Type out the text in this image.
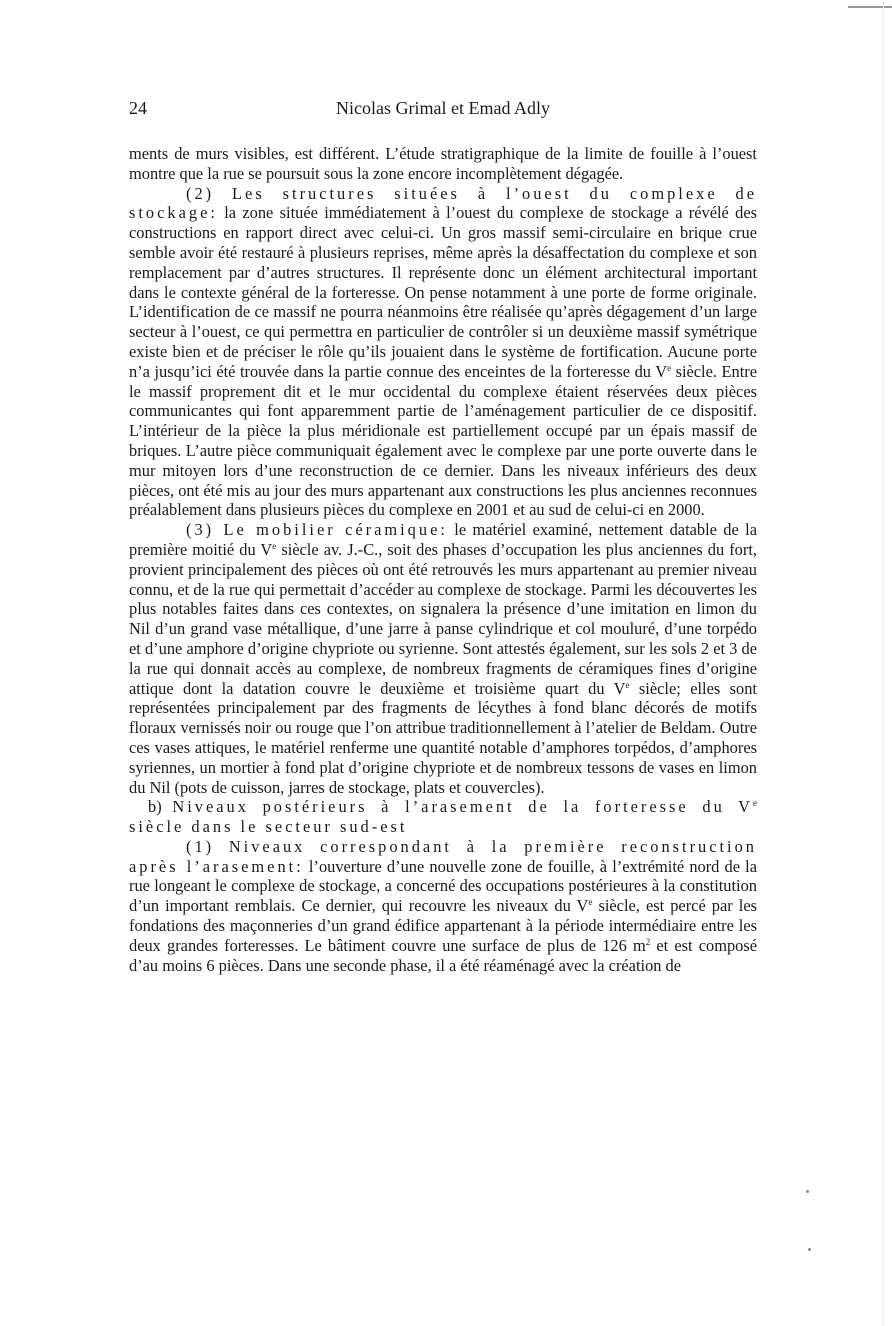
24	Nicolas Grimal et Emad Adly

ments de murs visibles, est différent. L’étude stratigraphique de la limite de fouille à l’ouest montre que la rue se poursuit sous la zone encore incomplètement dégagée.

(2) Les structures situées à l’ouest du complexe de stockage: la zone située immédiatement à l’ouest du complexe de stockage a révélé des constructions en rapport direct avec celui-ci. Un gros massif semi-circulaire en brique crue semble avoir été restauré à plusieurs reprises, même après la désaffectation du complexe et son remplacement par d’autres structures. Il représente donc un élément architectural important dans le contexte général de la forteresse. On pense notamment à une porte de forme originale. L’identification de ce massif ne pourra néanmoins être réalisée qu’après dégagement d’un large secteur à l’ouest, ce qui permettra en particulier de contrôler si un deuxième massif symétrique existe bien et de préciser le rôle qu’ils jouaient dans le système de fortification. Aucune porte n’a jusqu’ici été trouvée dans la partie connue des enceintes de la forteresse du Ve siècle. Entre le massif proprement dit et le mur occidental du complexe étaient réservées deux pièces communicantes qui font apparemment partie de l’aménagement particulier de ce dispositif. L’intérieur de la pièce la plus méridionale est partiellement occupé par un épais massif de briques. L’autre pièce communiquait également avec le complexe par une porte ouverte dans le mur mitoyen lors d’une reconstruction de ce dernier. Dans les niveaux inférieurs des deux pièces, ont été mis au jour des murs appartenant aux constructions les plus anciennes reconnues préalablement dans plusieurs pièces du complexe en 2001 et au sud de celui-ci en 2000.

(3) Le mobilier céramique: le matériel examiné, nettement datable de la première moitié du Ve siècle av. J.-C., soit des phases d’occupation les plus anciennes du fort, provient principalement des pièces où ont été retrouvés les murs appartenant au premier niveau connu, et de la rue qui permettait d’accéder au complexe de stockage. Parmi les découvertes les plus notables faites dans ces contextes, on signalera la présence d’une imitation en limon du Nil d’un grand vase métallique, d’une jarre à panse cylindrique et col mouluré, d’une torpédo et d’une amphore d’origine chypriote ou syrienne. Sont attestés également, sur les sols 2 et 3 de la rue qui donnait accès au complexe, de nombreux fragments de céramiques fines d’origine attique dont la datation couvre le deuxième et troisième quart du Ve siècle; elles sont représentées principalement par des fragments de lécythes à fond blanc décorés de motifs floraux vernissés noir ou rouge que l’on attribue traditionnellement à l’atelier de Beldam. Outre ces vases attiques, le matériel renferme une quantité notable d’amphores torpédos, d’amphores syriennes, un mortier à fond plat d’origine chypriote et de nombreux tessons de vases en limon du Nil (pots de cuisson, jarres de stockage, plats et couvercles).

b) Niveaux postérieurs à l’arasement de la forteresse du Ve siècle dans le secteur sud-est

(1) Niveaux correspondant à la première reconstruction après l’arasement: l’ouverture d’une nouvelle zone de fouille, à l’extrémité nord de la rue longeant le complexe de stockage, a concerné des occupations postérieures à la constitution d’un important remblais. Ce dernier, qui recouvre les niveaux du Ve siècle, est percé par les fondations des maçonneries d’un grand édifice appartenant à la période intermédiaire entre les deux grandes forteresses. Le bâtiment couvre une surface de plus de 126 $m^2$ et est composé d’au moins 6 pièces. Dans une seconde phase, il a été réaménagé avec la création de
